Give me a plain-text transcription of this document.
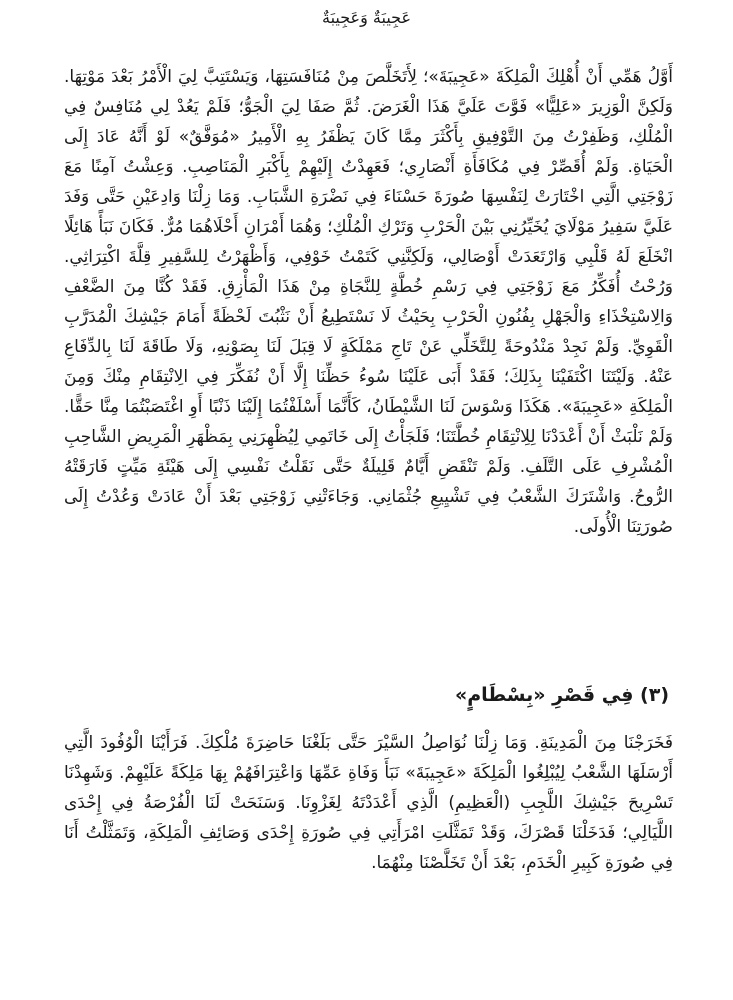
عَجِيبَةٌ وَعَجِيبَةٌ

أَوَّلُ هَمِّي أَنْ أُهْلِكَ الْمَلِكَةَ «عَجِيبَةَ»؛ لِأَتَخَلَّصَ مِنْ مُنَافَسَتِهَا، وَيَسْتَتِبَّ لِيَ الْأَمْرُ بَعْدَ مَوْتِهَا. وَلَكِنَّ الْوَزِيرَ «عَلِيًّا» فَوَّتَ عَلَيَّ هَذَا الْغَرَضَ. ثُمَّ صَفَا لِيَ الْجَوُّ؛ فَلَمْ يَعُدْ لِي مُنَافِسٌ فِي الْمُلْكِ، وَظَفِرْتُ مِنَ التَّوْفِيقِ بِأَكْثَرَ مِمَّا كَانَ يَظْفَرُ بِهِ الْأَمِيرُ «مُوَفَّقٌ» لَوْ أَنَّهُ عَادَ إِلَى الْحَيَاةِ. وَلَمْ أُقَصِّرْ فِي مُكَافَأَةِ أَنْصَارِي؛ فَعَهِدْتُ إِلَيْهِمْ بِأَكْبَرِ الْمَنَاصِبِ. وَعِشْتُ آمِنًا مَعَ زَوْجَتِي الَّتِي اخْتَارَتْ لِنَفْسِهَا صُورَةَ حَسْنَاءَ فِي نَضْرَةِ الشَّبَابِ. وَمَا زِلْنَا وَادِعَيْنِ حَتَّى وَفَدَ عَلَيَّ سَفِيرُ مَوْلَايَ يُخَيِّرُنِي بَيْنَ الْحَرْبِ وَتَرْكِ الْمُلْكِ؛ وَهُمَا أَمْرَانِ أَحْلَاهُمَا مُرٌّ. فَكَانَ نَبَأً هَائِلًا انْخَلَعَ لَهُ قَلْبِي وَارْتَعَدَتْ أَوْصَالِي، وَلَكِنَّنِي كَتَمْتُ خَوْفِي، وَأَظْهَرْتُ لِلسَّفِيرِ قِلَّةَ اكْتِرَاثِي. وَرُحْتُ أُفَكِّرُ مَعَ زَوْجَتِي فِي رَسْمِ خُطَّةٍ لِلنَّجَاةِ مِنْ هَذَا الْمَأْزِقِ. فَقَدْ كُنَّا مِنَ الضَّعْفِ وَالِاسْتِخْذَاءِ وَالْجَهْلِ بِفُنُونِ الْحَرْبِ بِحَيْثُ لَا نَسْتَطِيعُ أَنْ نَثْبُتَ لَحْظَةً أَمَامَ جَيْشِكَ الْمُدَرَّبِ الْقَوِيِّ. وَلَمْ نَجِدْ مَنْدُوحَةً لِلتَّخَلِّي عَنْ تَاجِ مَمْلَكَةٍ لَا قِبَلَ لَنَا بِصَوْنِهِ، وَلَا طَاقَةَ لَنَا بِالدِّفَاعِ عَنْهُ. وَلَيْتَنَا اكْتَفَيْنَا بِذَلِكَ؛ فَقَدْ أَبَى عَلَيْنَا سُوءُ حَظِّنَا إِلَّا أَنْ نُفَكِّرَ فِي الِانْتِقَامِ مِنْكَ وَمِنَ الْمَلِكَةِ «عَجِيبَةَ». هَكَذَا وَسْوَسَ لَنَا الشَّيْطَانُ، كَأَنَّمَا أَسْلَفْتُمَا إِلَيْنَا ذَنْبًا أَوِ اغْتَصَبْتُمَا مِنَّا حَقًّا. وَلَمْ نَلْبَثْ أَنْ أَعْدَدْنَا لِلِانْتِقَامِ خُطَّتَنَا؛ فَلَجَأْتُ إِلَى خَاتَمِي لِيُظْهِرَنِي بِمَظْهَرِ الْمَرِيضِ الشَّاحِبِ الْمُشْرِفِ عَلَى التَّلَفِ. وَلَمْ تَنْقَضِ أَيَّامٌ قَلِيلَةٌ حَتَّى نَقَلْتُ نَفْسِي إِلَى هَيْئَةِ مَيِّتٍ فَارَقَتْهُ الرُّوحُ. وَاشْتَرَكَ الشَّعْبُ فِي تَشْيِيعِ جُثْمَانِي. وَجَاءَتْنِي زَوْجَتِي بَعْدَ أَنْ عَادَتْ وَعُدْتُ إِلَى صُورَتِنَا الْأُولَى.

(٣) فِي قَصْرِ «بِسْطَامٍ»

فَخَرَجْنَا مِنَ الْمَدِينَةِ. وَمَا زِلْنَا نُوَاصِلُ السَّيْرَ حَتَّى بَلَغْنَا حَاضِرَةَ مُلْكِكَ. فَرَأَيْنَا الْوُفُودَ الَّتِي أَرْسَلَهَا الشَّعْبُ لِيُبْلِغُوا الْمَلِكَةَ «عَجِيبَةَ» نَبَأَ وَفَاةِ عَمِّهَا وَاعْتِرَافَهُمْ بِهَا مَلِكَةً عَلَيْهِمْ. وَشَهِدْنَا تَسْرِيحَ جَيْشِكَ اللَّجِبِ (الْعَظِيمِ) الَّذِي أَعْدَدْتَهُ لِغَزْوِنَا. وَسَنَحَتْ لَنَا الْفُرْصَةُ فِي إِحْدَى اللَّيَالِي؛ فَدَخَلْنَا قَصْرَكَ، وَقَدْ تَمَثَّلَتِ امْرَأَتِي فِي صُورَةِ إِحْدَى وَصَائِفِ الْمَلِكَةِ، وَتَمَثَّلْتُ أَنَا فِي صُورَةِ كَبِيرِ الْخَدَمِ، بَعْدَ أَنْ تَخَلَّصْنَا مِنْهُمَا.
